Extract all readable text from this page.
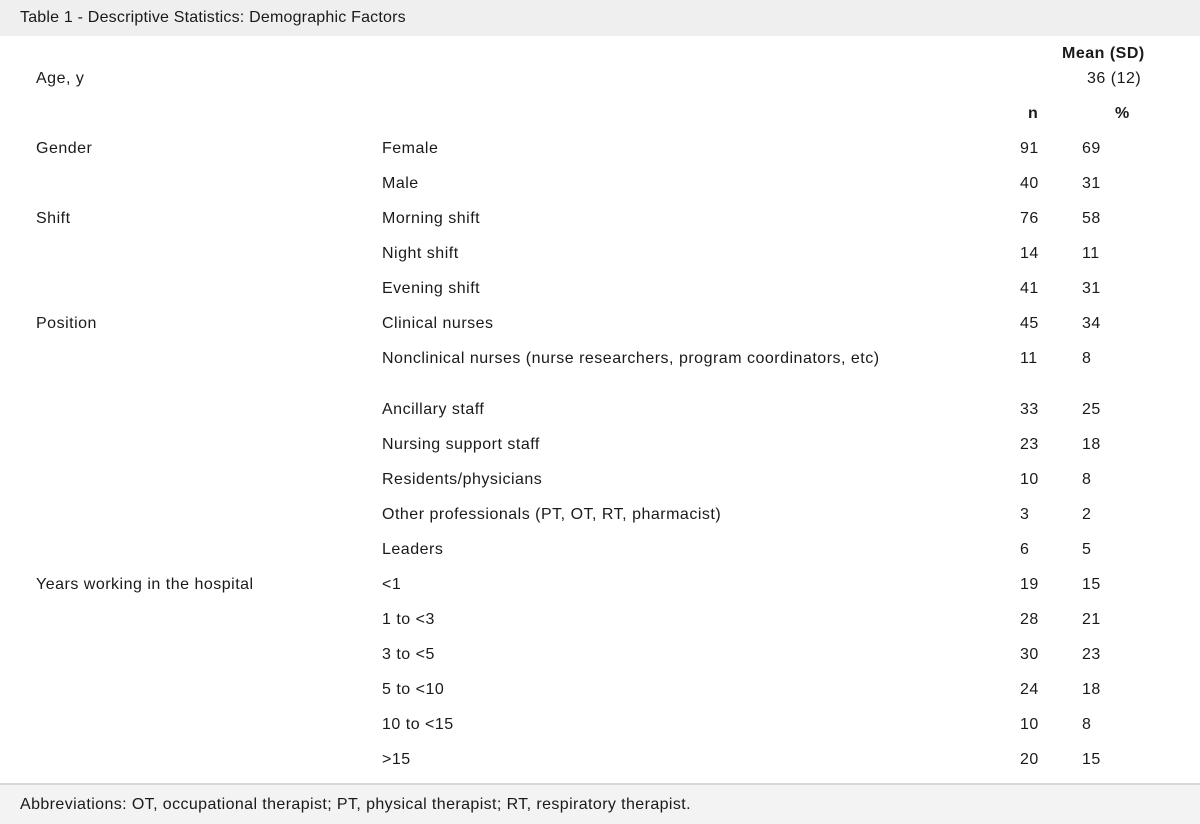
Table 1 - Descriptive Statistics: Demographic Factors
Mean (SD)
Age, y	36 (12)
n	%
Gender	Female	91	69
Male	40	31
Shift	Morning shift	76	58
Night shift	14	11
Evening shift	41	31
Position	Clinical nurses	45	34
Nonclinical nurses (nurse researchers, program coordinators, etc)	11	8
Ancillary staff	33	25
Nursing support staff	23	18
Residents/physicians	10	8
Other professionals (PT, OT, RT, pharmacist)	3	2
Leaders	6	5
Years working in the hospital	<1	19	15
1 to <3	28	21
3 to <5	30	23
5 to <10	24	18
10 to <15	10	8
>15	20	15
Abbreviations: OT, occupational therapist; PT, physical therapist; RT, respiratory therapist.
